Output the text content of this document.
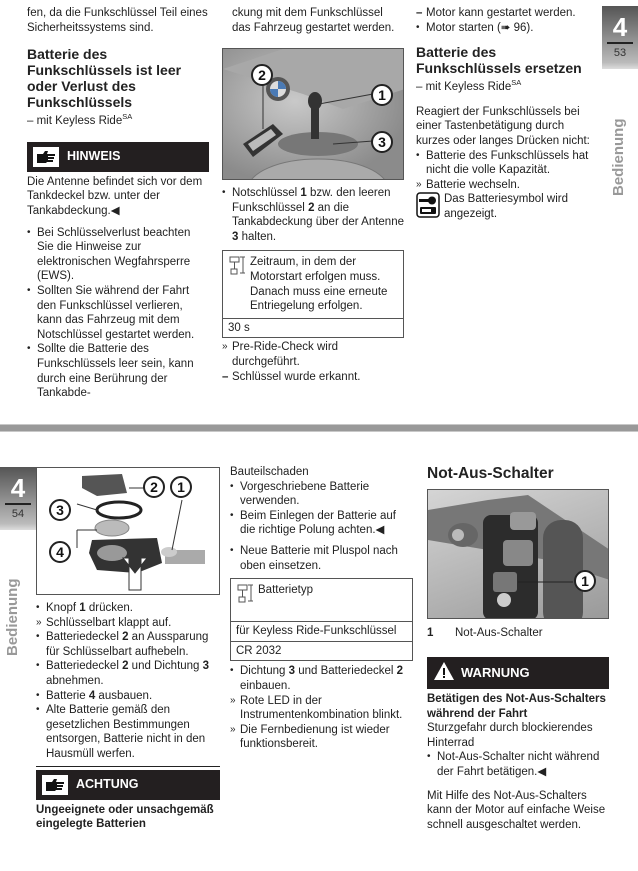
fen, da die Funkschlüssel Teil eines Sicherheitssystems sind.

Batterie des Funkschlüssels ist leer oder Verlust des Funkschlüssels
– mit Keyless Ride$^{SA}$
HINWEIS

Die Antenne befindet sich vor dem Tankdeckel bzw. unter der Tankabdeckung.◀

• Bei Schlüsselverlust beachten Sie die Hinweise zur elektronischen Wegfahrsperre (EWS).
• Sollten Sie während der Fahrt den Funkschlüssel verlieren, kann das Fahrzeug mit dem Notschlüssel gestartet werden.
• Sollte die Batterie des Funkschlüssels leer sein, kann durch eine Berührung der Tankabde-

ckung mit dem Funkschlüssel das Fahrzeug gestartet werden.

2
1
3
• Notschlüssel 1 bzw. den leeren Funkschlüssel 2 an die Tankabdeckung über der Antenne 3 halten.
Zeitraum, in dem der Motorstart erfolgen muss. Danach muss eine erneute Entriegelung erfolgen.
30 s
» Pre-Ride-Check wird durchgeführt.
– Schlüssel wurde erkannt.
– Motor kann gestartet werden.
• Motor starten (➠ 96).
Batterie des Funkschlüssels ersetzen
– mit Keyless Ride$^{SA}$

Reagiert der Funkschlüssels bei einer Tastenbetätigung durch kurzes oder langes Drücken nicht:

• Batterie des Funkschlüssels hat nicht die volle Kapazität.
» Batterie wechseln.
Das Batteriesymbol wird angezeigt.
4
53
Bedienung
4
54
Bedienung
2	1
3
4
• Knopf 1 drücken.
» Schlüsselbart klappt auf.
• Batteriedeckel 2 an Aussparung für Schlüsselbart aufhebeln.
• Batteriedeckel 2 und Dichtung 3 abnehmen.
• Batterie 4 ausbauen.
• Alte Batterie gemäß den gesetzlichen Bestimmungen entsorgen, Batterie nicht in den Hausmüll werfen.
ACHTUNG

Ungeeignete oder unsachgemäß eingelegte Batterien

Bauteilschaden

• Vorgeschriebene Batterie verwenden.
• Beim Einlegen der Batterie auf die richtige Polung achten.◀
• Neue Batterie mit Pluspol nach oben einsetzen.
Batterietyp
für Keyless Ride-Funkschlüssel
CR 2032
• Dichtung 3 und Batteriedeckel 2 einbauen.
» Rote LED in der Instrumentenkombination blinkt.
» Die Fernbedienung ist wieder funktionsbereit.
Not-Aus-Schalter
1
1	Not-Aus-Schalter
WARNUNG

Betätigen des Not-Aus-Schalters während der Fahrt

Sturzgefahr durch blockierendes Hinterrad

• Not-Aus-Schalter nicht während der Fahrt betätigen.◀

Mit Hilfe des Not-Aus-Schalters kann der Motor auf einfache Weise schnell ausgeschaltet werden.
